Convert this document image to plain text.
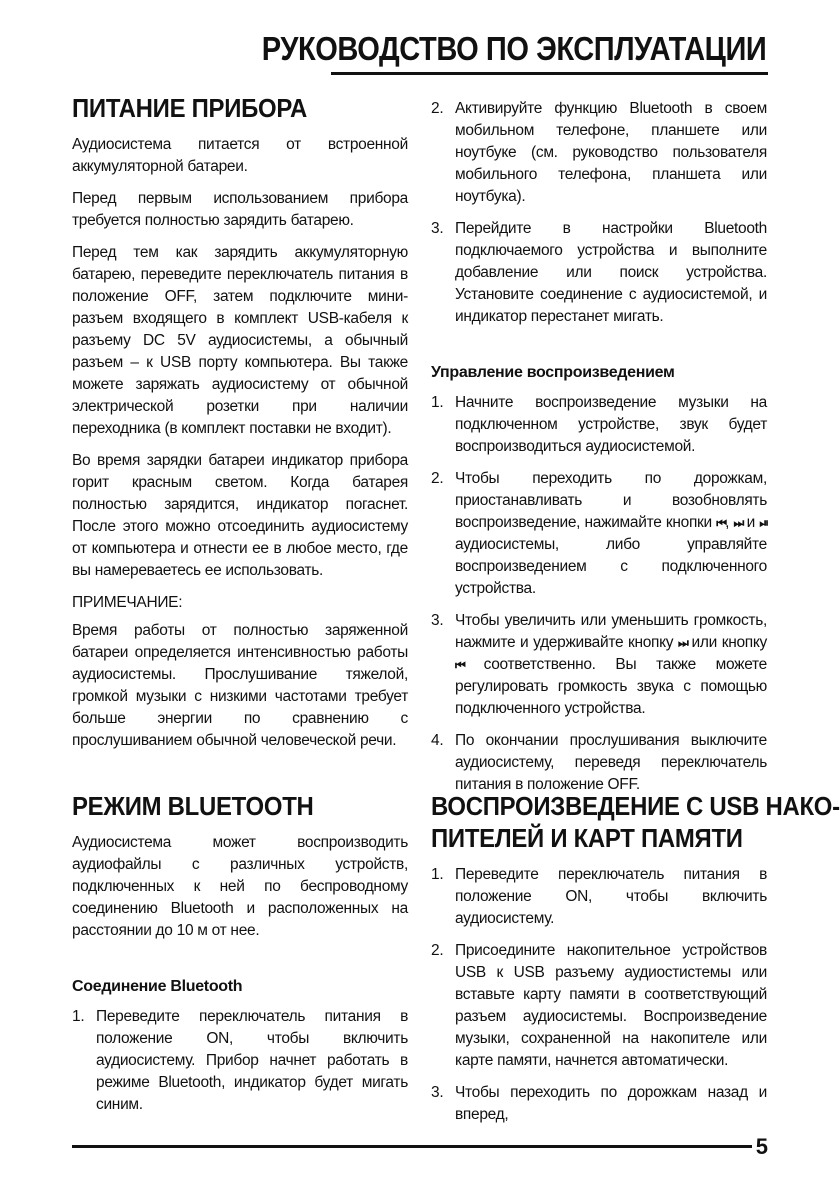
РУКОВОДСТВО ПО ЭКСПЛУАТАЦИИ
ПИТАНИЕ ПРИБОРА

Аудиосистема питается от встроенной аккумуляторной батареи.

Перед первым использованием прибора требуется полностью зарядить батарею.

Перед тем как зарядить аккумуляторную батарею, переведите переключатель питания в положение OFF, затем подключите мини-разъем входящего в комплект USB-кабеля к разъему DC 5V аудиосистемы, а обычный разъем – к USB порту компьютера. Вы также можете заряжать аудиосистему от обычной электрической розетки при наличии переходника (в комплект поставки не входит).

Во время зарядки батареи индикатор прибора горит красным светом. Когда батарея полностью зарядится, индикатор погаснет. После этого можно отсоединить аудиосистему от компьютера и отнести ее в любое место, где вы намереваетесь ее использовать.

ПРИМЕЧАНИЕ:

Время работы от полностью заряженной батареи определяется интенсивностью работы аудиосистемы. Прослушивание тяжелой, громкой музыки с низкими частотами требует больше энергии по сравнению с прослушиванием обычной человеческой речи.

2. Активируйте функцию Bluetooth в своем мобильном телефоне, планшете или ноутбуке (см. руководство пользователя мобильного телефона, планшета или ноутбука).
3. Перейдите в настройки Bluetooth подключаемого устройства и выполните добавление или поиск устройства. Установите соединение с аудиосистемой, и индикатор перестанет мигать.
Управление воспроизведением
1. Начните воспроизведение музыки на подключенном устройстве, звук будет воспроизводиться аудиосистемой.
2. Чтобы переходить по дорожкам, приостанавливать и возобновлять воспроизведение, нажимайте кнопки ⏮, ⏭ и ⏯ аудиосистемы, либо управляйте воспроизведением с подключенного устройства.
3. Чтобы увеличить или уменьшить громкость, нажмите и удерживайте кнопку ⏭ или кнопку ⏮ соответственно. Вы также можете регулировать громкость звука с помощью подключенного устройства.
4. По окончании прослушивания выключите аудиосистему, переведя переключатель питания в положение OFF.
РЕЖИМ BLUETOOTH

Аудиосистема может воспроизводить аудиофайлы с различных устройств, подключенных к ней по беспроводному соединению Bluetooth и расположенных на расстоянии до 10 м от нее.

Соединение Bluetooth
1. Переведите переключатель питания в положение ON, чтобы включить аудиосистему. Прибор начнет работать в режиме Bluetooth, индикатор будет мигать синим.
ВОСПРОИЗВЕДЕНИЕ С USB НАКО-
ПИТЕЛЕЙ И КАРТ ПАМЯТИ
1. Переведите переключатель питания в положение ON, чтобы включить аудиосистему.
2. Присоедините накопительное устройствов USB к USB разъему аудиостистемы или вставьте карту памяти в соответствующий разъем аудиосистемы. Воспроизведение музыки, сохраненной на накопителе или карте памяти, начнется автоматически.
3. Чтобы переходить по дорожкам назад и вперед,
5
